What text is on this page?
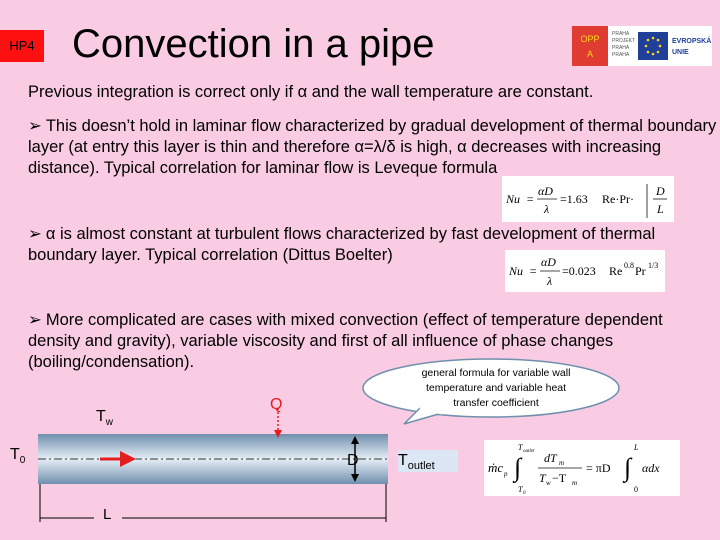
HP4 Convection in a pipe	OPP
A
PRAHA
PROJEKT
PRAHA
PRAHA
EVROPSKÁ
UNIE
Previous integration is correct only if α and the wall temperature are constant.
➢ This doesn’t hold in laminar flow characterized by gradual development of thermal boundary layer (at entry this layer is thin and therefore α=λ/δ is high, α decreases with increasing distance). Typical correlation for laminar flow is Leveque formula
➢ α is almost constant at turbulent flows characterized by fast development of thermal boundary layer. Typical correlation (Dittus Boelter)
➢ More complicated are cases with mixed convection (effect of temperature dependent density and gravity), variable viscosity and first of all influence of phase changes (boiling/condensation).
Nu =
αD
λ
=1.63 Re·Pr·
D
L
Nu =
αD
λ
=0.023 Re 0.8 Pr 1/3
general formula for variable wall temperature and variable heat transfer coefficient
$T_w$
Q
$T_0$	D
L
$T_{outlet}$	ṁc p ∫
T outlet
T 0
dT m
T w −T m
= πD ∫
L
0
αdx
